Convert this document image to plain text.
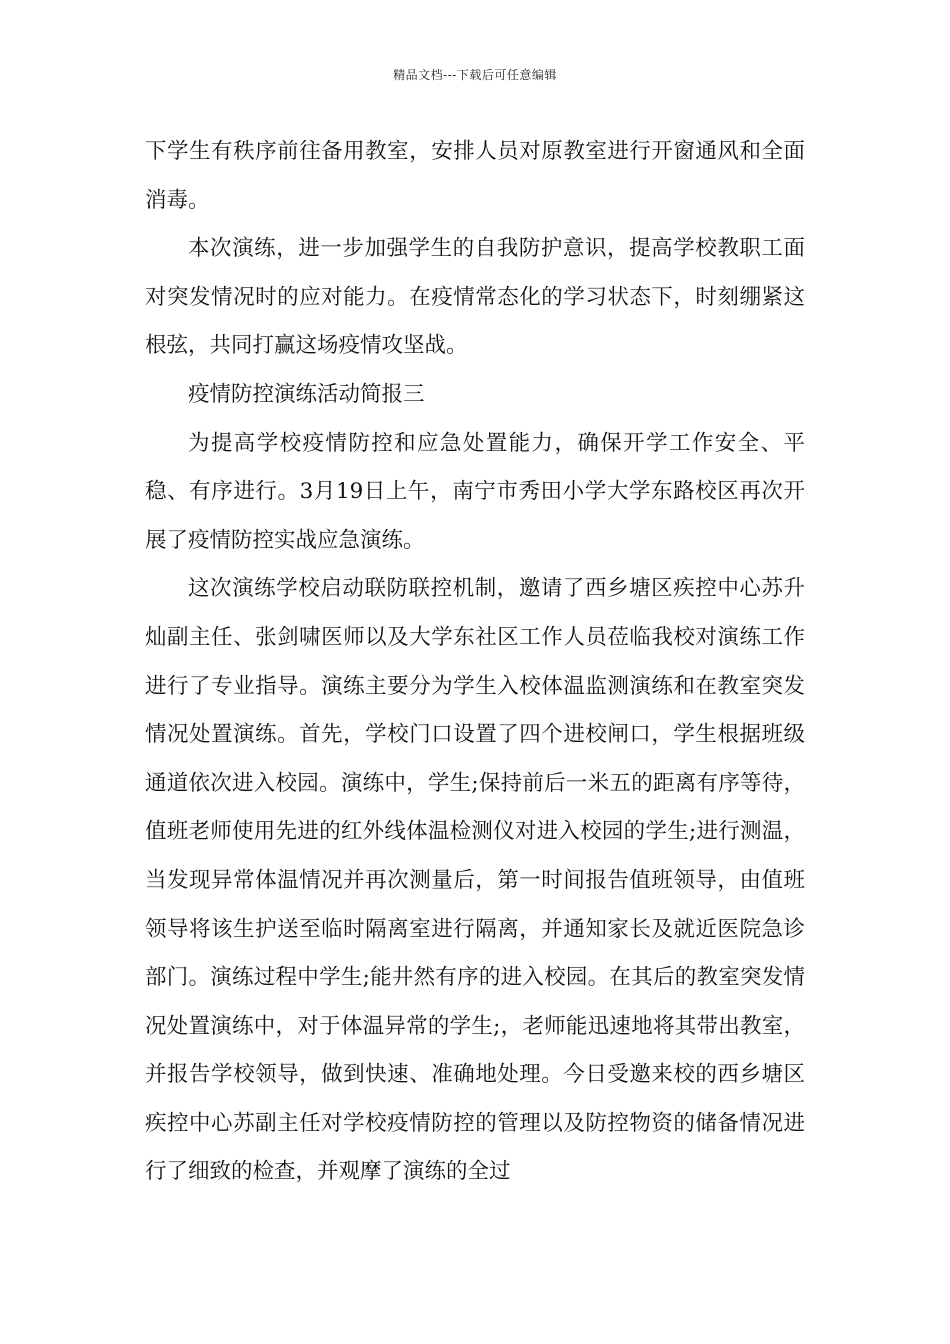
精品文档---下载后可任意编辑

下学生有秩序前往备用教室，安排人员对原教室进行开窗通风和全面消毒。

本次演练，进一步加强学生的自我防护意识，提高学校教职工面对突发情况时的应对能力。在疫情常态化的学习状态下，时刻绷紧这根弦，共同打赢这场疫情攻坚战。

疫情防控演练活动简报三

为提高学校疫情防控和应急处置能力，确保开学工作安全、平稳、有序进行。3月19日上午，南宁市秀田小学大学东路校区再次开展了疫情防控实战应急演练。

这次演练学校启动联防联控机制，邀请了西乡塘区疾控中心苏升灿副主任、张剑啸医师以及大学东社区工作人员莅临我校对演练工作进行了专业指导。演练主要分为学生入校体温监测演练和在教室突发情况处置演练。首先，学校门口设置了四个进校闸口，学生根据班级通道依次进入校园。演练中，学生;保持前后一米五的距离有序等待，值班老师使用先进的红外线体温检测仪对进入校园的学生;进行测温，当发现异常体温情况并再次测量后，第一时间报告值班领导，由值班领导将该生护送至临时隔离室进行隔离，并通知家长及就近医院急诊部门。演练过程中学生;能井然有序的进入校园。在其后的教室突发情况处置演练中，对于体温异常的学生;，老师能迅速地将其带出教室，并报告学校领导，做到快速、准确地处理。今日受邀来校的西乡塘区疾控中心苏副主任对学校疫情防控的管理以及防控物资的储备情况进行了细致的检查，并观摩了演练的全过
